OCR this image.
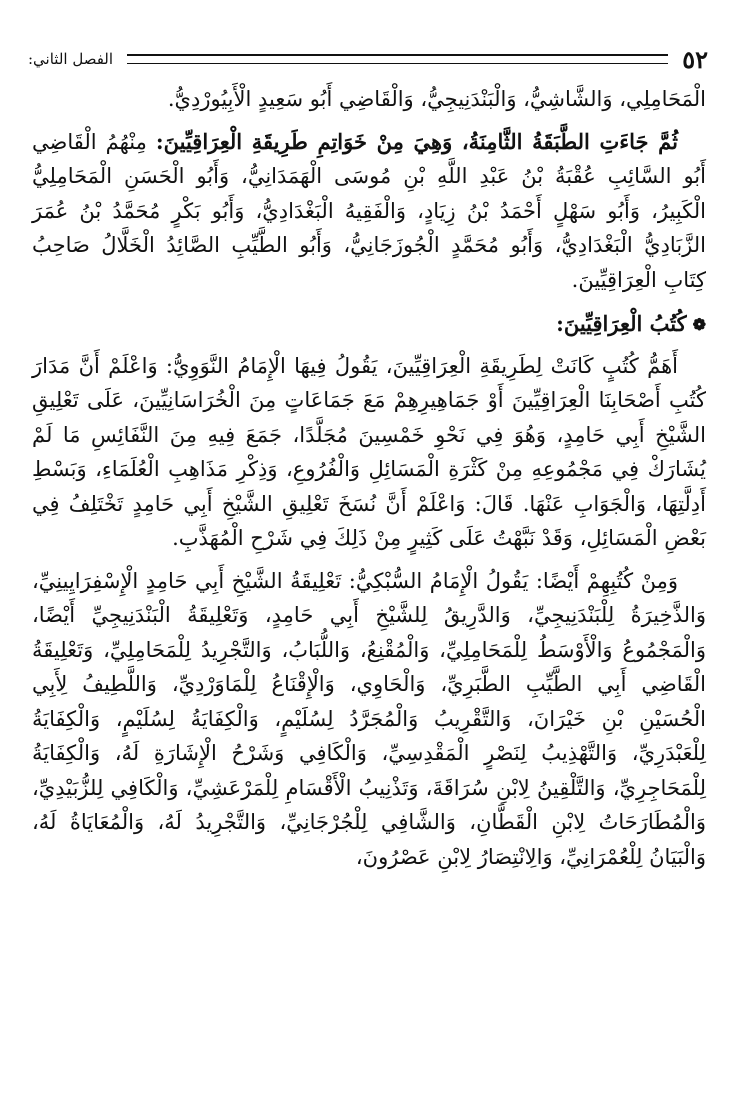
٥٢
الفصل الثاني:

الْمَحَامِلِي، وَالشَّاشِيُّ، وَالْبَنْدَنِيجِيُّ، وَالْقَاضِي أَبُو سَعِيدٍ الْأَبِيُورْدِيُّ.

ثُمَّ جَاءَتِ الطَّبَقَةُ الثَّامِنَةُ، وَهِيَ مِنْ خَوَاتِمِ طَرِيقَةِ الْعِرَاقِيِّينَ: مِنْهُمُ الْقَاضِي أَبُو السَّائِبِ عُقْبَةُ بْنُ عَبْدِ اللَّهِ بْنِ مُوسَى الْهَمَدَانِيُّ، وَأَبُو الْحَسَنِ الْمَحَامِلِيُّ الْكَبِيرُ، وَأَبُو سَهْلٍ أَحْمَدُ بْنُ زِيَادٍ، وَالْفَقِيهُ الْبَغْدَادِيُّ، وَأَبُو بَكْرٍ مُحَمَّدُ بْنُ عُمَرَ الزَّبَادِيُّ الْبَغْدَادِيُّ، وَأَبُو مُحَمَّدٍ الْجُوزَجَانِيُّ، وَأَبُو الطَّيِّبِ الصَّائِدُ الْخَلَّالُ صَاحِبُ كِتَابِ الْعِرَاقِيِّينَ.

❁كُتُبُ الْعِرَاقِيِّينَ:

أَهَمُّ كُتُبٍ كَانَتْ لِطَرِيقَةِ الْعِرَاقِيِّينَ، يَقُولُ فِيهَا الْإِمَامُ النَّوَوِيُّ: وَاعْلَمْ أَنَّ مَدَارَ كُتُبِ أَصْحَابِنَا الْعِرَاقِيِّينَ أَوْ جَمَاهِيرِهِمْ مَعَ جَمَاعَاتٍ مِنَ الْخُرَاسَانِيِّينَ، عَلَى تَعْلِيقِ الشَّيْخِ أَبِي حَامِدٍ، وَهُوَ فِي نَحْوِ خَمْسِينَ مُجَلَّدًا، جَمَعَ فِيهِ مِنَ النَّفَائِسِ مَا لَمْ يُشَارَكْ فِي مَجْمُوعِهِ مِنْ كَثْرَةِ الْمَسَائِلِ وَالْفُرُوعِ، وَذِكْرِ مَذَاهِبِ الْعُلَمَاءِ، وَبَسْطِ أَدِلَّتِهَا، وَالْجَوَابِ عَنْهَا. قَالَ: وَاعْلَمْ أَنَّ نُسَخَ تَعْلِيقِ الشَّيْخِ أَبِي حَامِدٍ تَخْتَلِفُ فِي بَعْضِ الْمَسَائِلِ، وَقَدْ نَبَّهْتُ عَلَى كَثِيرٍ مِنْ ذَلِكَ فِي شَرْحِ الْمُهَذَّبِ.

وَمِنْ كُتُبِهِمْ أَيْضًا: يَقُولُ الْإِمَامُ السُّبْكِيُّ: تَعْلِيقَةُ الشَّيْخِ أَبِي حَامِدٍ الْإِسْفِرَايِينِيِّ، وَالذَّخِيرَةُ لِلْبَنْدَنِيجِيِّ، وَالدَّرِيقُ لِلشَّيْخِ أَبِي حَامِدٍ، وَتَعْلِيقَةُ الْبَنْدَنِيجِيِّ أَيْضًا، وَالْمَجْمُوعُ وَالْأَوْسَطُ لِلْمَحَامِلِيِّ، وَالْمُقْنِعُ، وَاللُّبَابُ، وَالتَّجْرِيدُ لِلْمَحَامِلِيِّ، وَتَعْلِيقَةُ الْقَاضِي أَبِي الطَّيِّبِ الطَّبَرِيِّ، وَالْحَاوِي، وَالْإِقْنَاعُ لِلْمَاوَرْدِيِّ، وَاللَّطِيفُ لِأَبِي الْحُسَيْنِ بْنِ خَيْرَانَ، وَالتَّقْرِيبُ وَالْمُجَرَّدُ لِسُلَيْمٍ، وَالْكِفَايَةُ لِسُلَيْمٍ، وَالْكِفَايَةُ لِلْعَبْدَرِيِّ، وَالتَّهْذِيبُ لِنَصْرٍ الْمَقْدِسِيِّ، وَالْكَافِي وَشَرْحُ الْإِشَارَةِ لَهُ، وَالْكِفَايَةُ لِلْمَحَاجِرِيِّ، وَالتَّلْقِينُ لِابْنِ سُرَاقَةَ، وَتَذْنِيبُ الْأَقْسَامِ لِلْمَرْعَشِيِّ، وَالْكَافِي لِلزُّبَيْدِيِّ، وَالْمُطَارَحَاتُ لِابْنِ الْقَطَّانِ، وَالشَّافِي لِلْجُرْجَانِيِّ، وَالتَّجْرِيدُ لَهُ، وَالْمُعَايَاةُ لَهُ، وَالْبَيَانُ لِلْعُمْرَانِيِّ، وَالِانْتِصَارُ لِابْنِ عَصْرُونَ،
